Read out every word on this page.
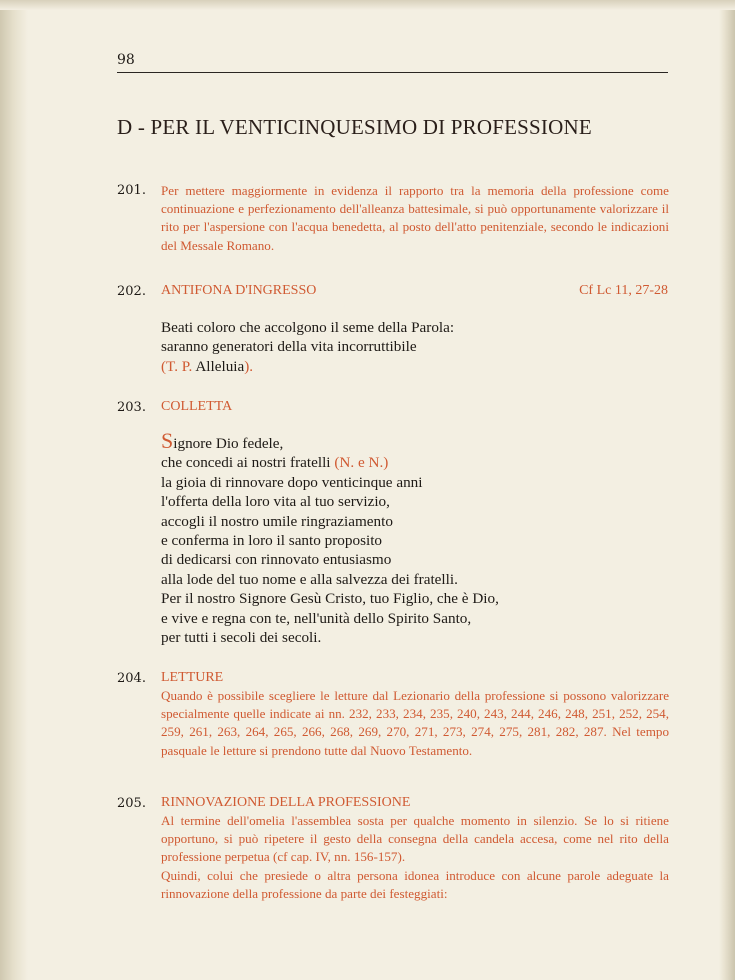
98
D - PER IL VENTICINQUESIMO DI PROFESSIONE
201. Per mettere maggiormente in evidenza il rapporto tra la memoria della professione come continuazione e perfezionamento dell'alleanza battesimale, si può opportunamente valorizzare il rito per l'aspersione con l'acqua benedetta, al posto dell'atto penitenziale, secondo le indicazioni del Messale Romano.

202. ANTIFONA D'INGRESSO	Cf Lc 11, 27-28
Beati coloro che accolgono il seme della Parola:
saranno generatori della vita incorruttibile
(T. P. Alleluia).
203. COLLETTA
Signore Dio fedele,
che concedi ai nostri fratelli (N. e N.)
la gioia di rinnovare dopo venticinque anni
l'offerta della loro vita al tuo servizio,
accogli il nostro umile ringraziamento
e conferma in loro il santo proposito
di dedicarsi con rinnovato entusiasmo
alla lode del tuo nome e alla salvezza dei fratelli.
Per il nostro Signore Gesù Cristo, tuo Figlio, che è Dio,
e vive e regna con te, nell'unità dello Spirito Santo,
per tutti i secoli dei secoli.
204. LETTURE

Quando è possibile scegliere le letture dal Lezionario della professione si possono valorizzare specialmente quelle indicate ai nn. 232, 233, 234, 235, 240, 243, 244, 246, 248, 251, 252, 254, 259, 261, 263, 264, 265, 266, 268, 269, 270, 271, 273, 274, 275, 281, 282, 287. Nel tempo pasquale le letture si prendono tutte dal Nuovo Testamento.

205. RINNOVAZIONE DELLA PROFESSIONE

Al termine dell'omelia l'assemblea sosta per qualche momento in silenzio. Se lo si ritiene opportuno, si può ripetere il gesto della consegna della candela accesa, come nel rito della professione perpetua (cf cap. IV, nn. 156-157).

Quindi, colui che presiede o altra persona idonea introduce con alcune parole adeguate la rinnovazione della professione da parte dei festeggiati:
